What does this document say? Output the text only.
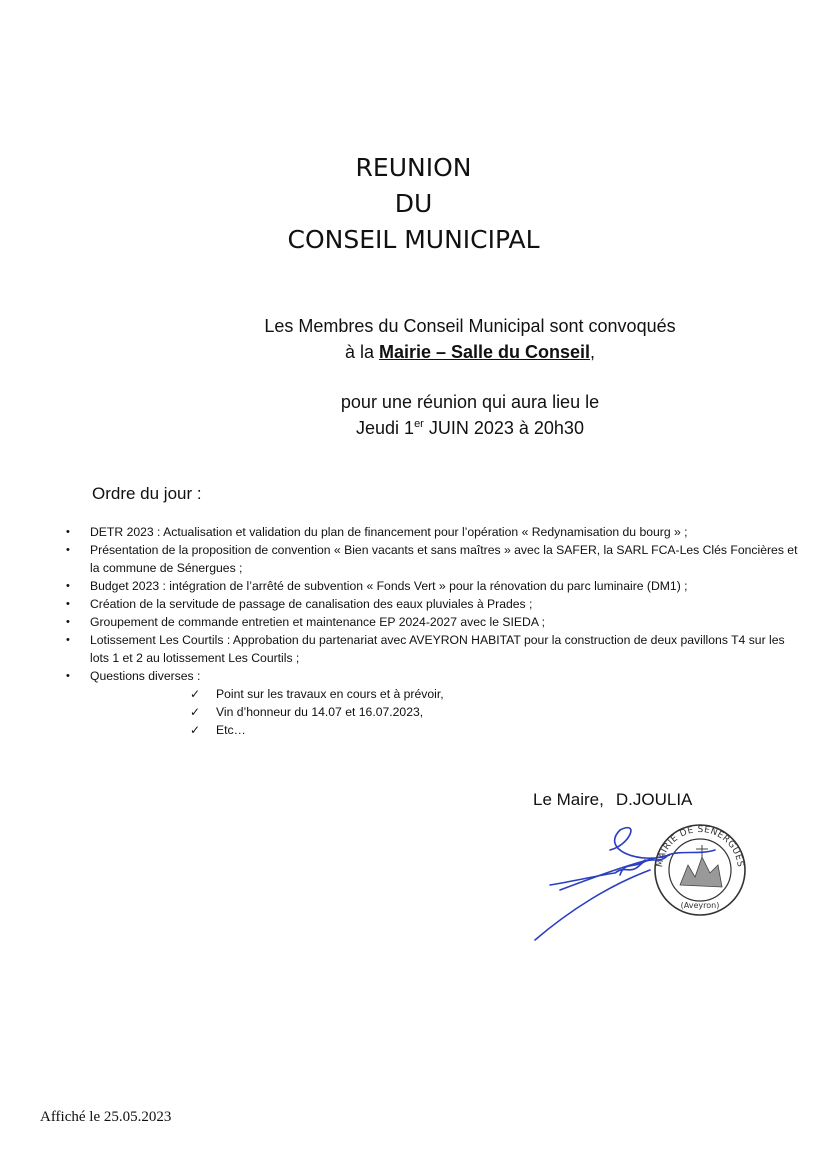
REUNION
DU
CONSEIL MUNICIPAL
Les Membres du Conseil Municipal sont convoqués
à la Mairie – Salle du Conseil,
pour une réunion qui aura lieu le
Jeudi 1er JUIN 2023 à 20h30
Ordre du jour :
• DETR 2023 : Actualisation et validation du plan de financement pour l’opération « Redynamisation du bourg » ;
• Présentation de la proposition de convention « Bien vacants et sans maîtres » avec la SAFER, la SARL FCA-Les Clés Foncières et la commune de Sénergues ;
• Budget 2023 : intégration de l’arrêté de subvention « Fonds Vert » pour la rénovation du parc luminaire (DM1) ;
• Création de la servitude de passage de canalisation des eaux pluviales à Prades ;
• Groupement de commande entretien et maintenance EP 2024-2027 avec le SIEDA ;
• Lotissement Les Courtils : Approbation du partenariat avec AVEYRON HABITAT pour la construction de deux pavillons T4 sur les lots 1 et 2 au lotissement Les Courtils ;
• Questions diverses :
✓ Point sur les travaux en cours et à prévoir,
✓ Vin d’honneur du 14.07 et 16.07.2023,
✓ Etc…
Le Maire, D.JOULIA
MAIRIE DE SENERGUES
(Aveyron)
Affiché le 25.05.2023
